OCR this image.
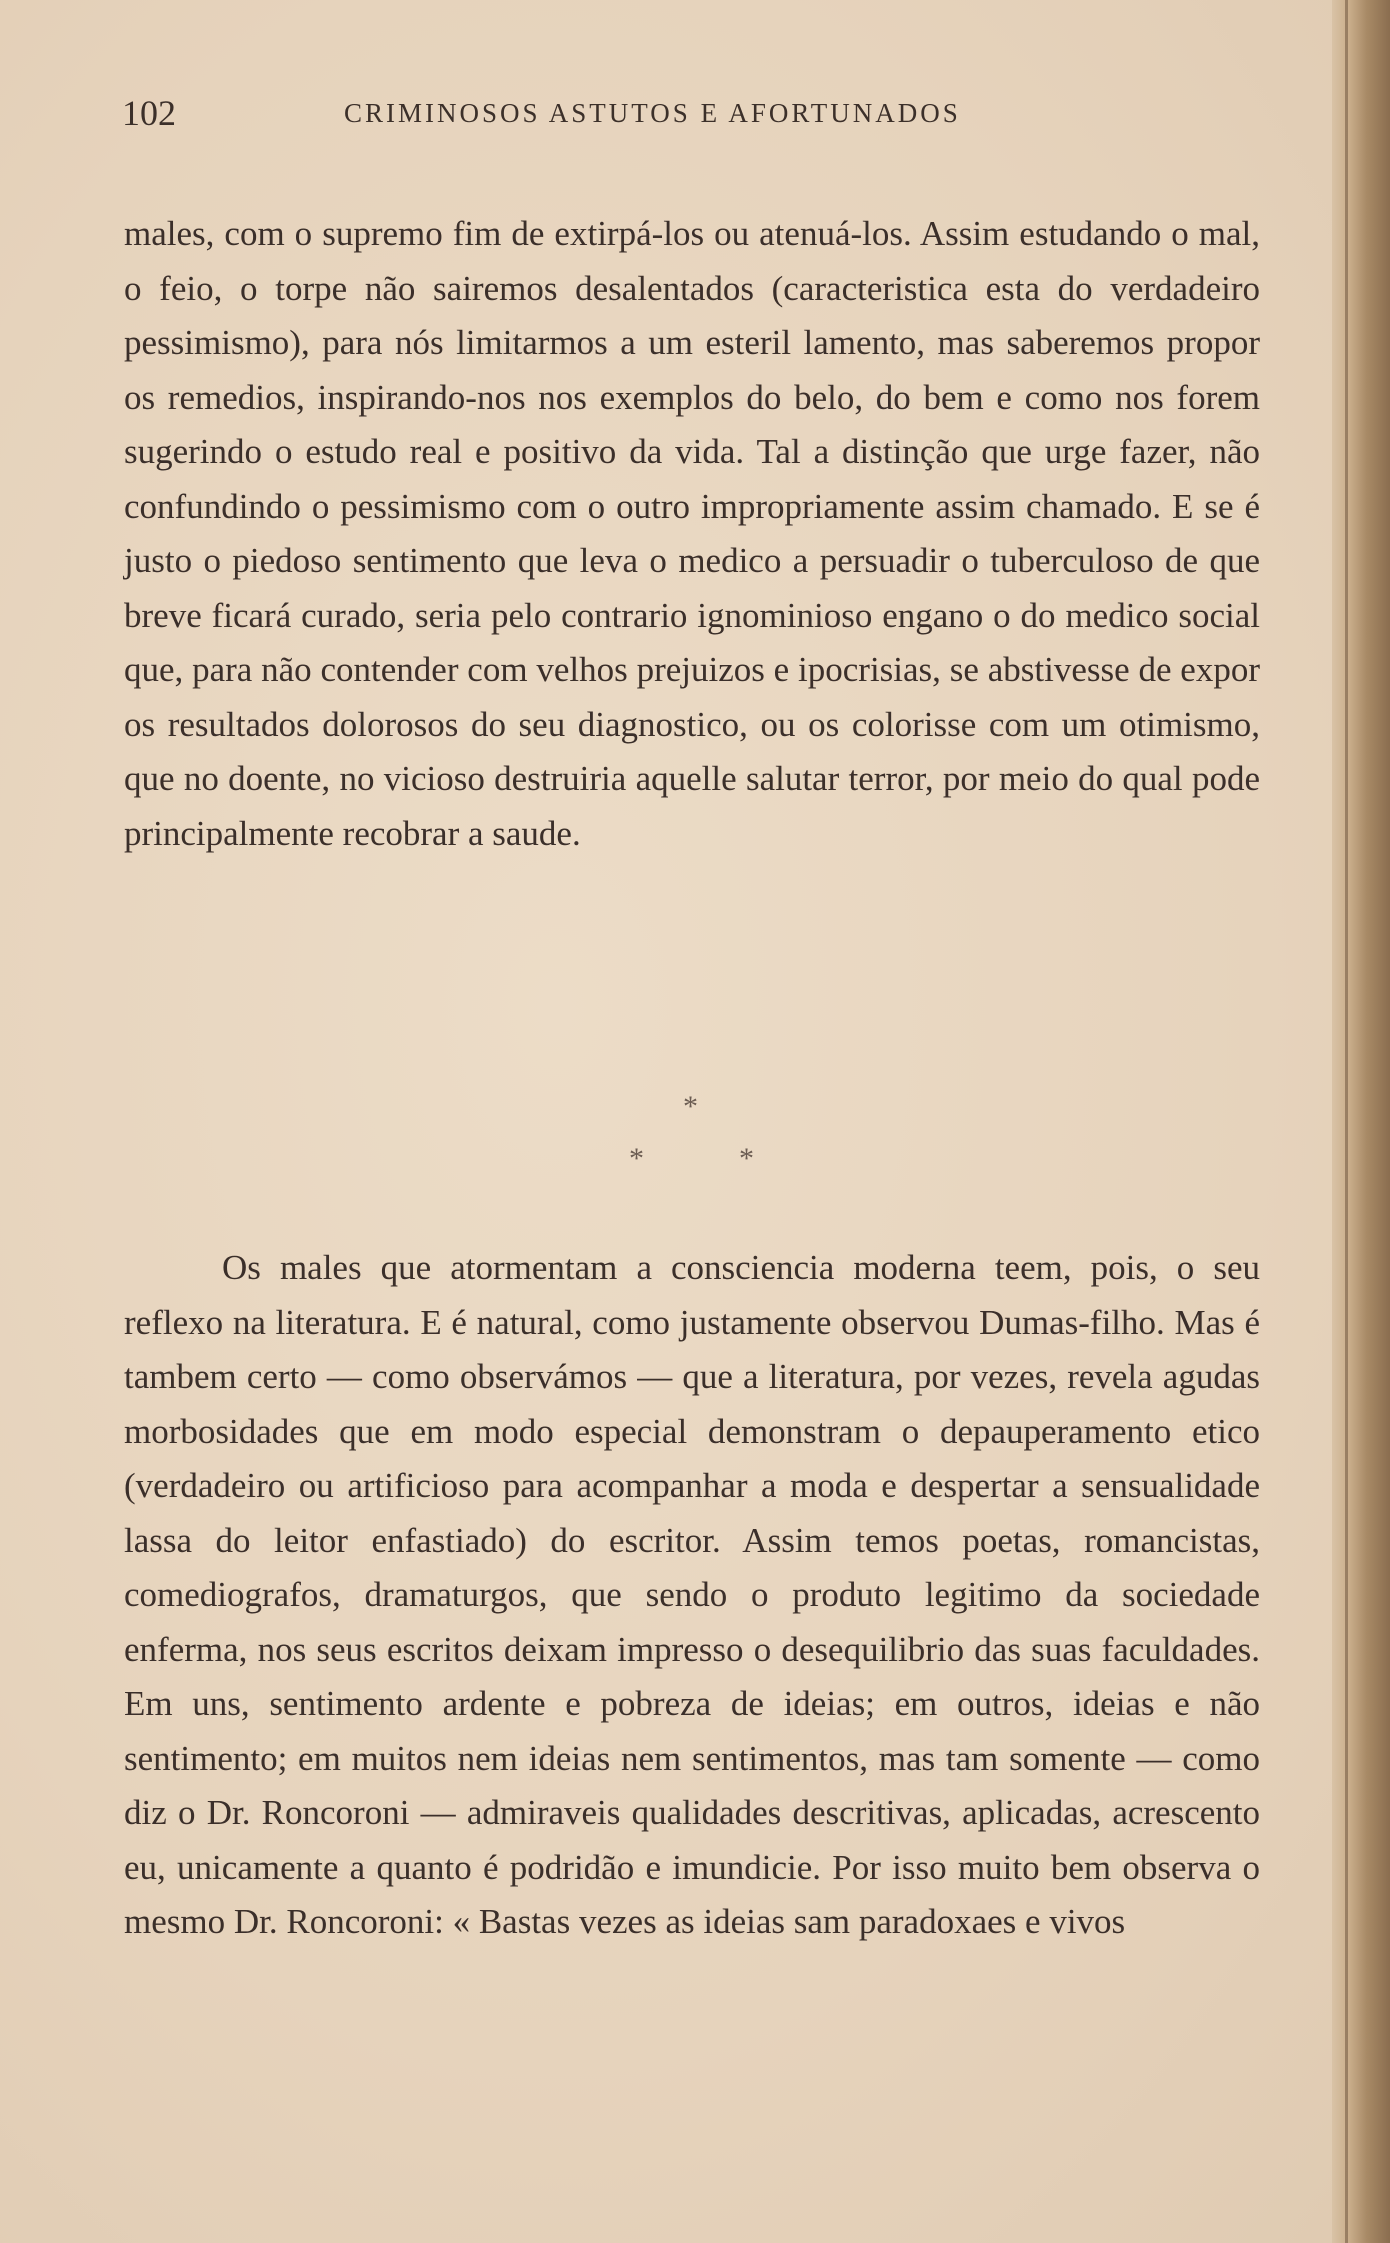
102	CRIMINOSOS ASTUTOS E AFORTUNADOS

males, com o supremo fim de extirpá-los ou atenuá-los. Assim estudando o mal, o feio, o torpe não sairemos desalentados (caracteristica esta do verdadeiro pessimismo), para nós limitarmos a um esteril lamento, mas saberemos propor os remedios, inspirando-nos nos exemplos do belo, do bem e como nos forem sugerindo o estudo real e positivo da vida. Tal a distinção que urge fazer, não confundindo o pessimismo com o outro impropriamente assim chamado. E se é justo o piedoso sentimento que leva o medico a persuadir o tuberculoso de que breve ficará curado, seria pelo contrario ignominioso engano o do medico social que, para não contender com velhos prejuizos e ipocrisias, se abstivesse de expor os resultados dolorosos do seu diagnostico, ou os colorisse com um otimismo, que no doente, no vicioso destruiria aquelle salutar terror, por meio do qual pode principalmente recobrar a saude.

*
*	*

Os males que atormentam a consciencia moderna teem, pois, o seu reflexo na literatura. E é natural, como justamente observou Dumas-filho. Mas é tambem certo — como observámos — que a literatura, por vezes, revela agudas morbosidades que em modo especial demonstram o depauperamento etico (verdadeiro ou artificioso para acompanhar a moda e despertar a sensualidade lassa do leitor enfastiado) do escritor. Assim temos poetas, romancistas, comediografos, dramaturgos, que sendo o produto legitimo da sociedade enferma, nos seus escritos deixam impresso o desequilibrio das suas faculdades. Em uns, sentimento ardente e pobreza de ideias; em outros, ideias e não sentimento; em muitos nem ideias nem sentimentos, mas tam somente — como diz o Dr. Roncoroni — admiraveis qualidades descritivas, aplicadas, acrescento eu, unicamente a quanto é podridão e imundicie. Por isso muito bem observa o mesmo Dr. Roncoroni: « Bastas vezes as ideias sam paradoxaes e vivos
